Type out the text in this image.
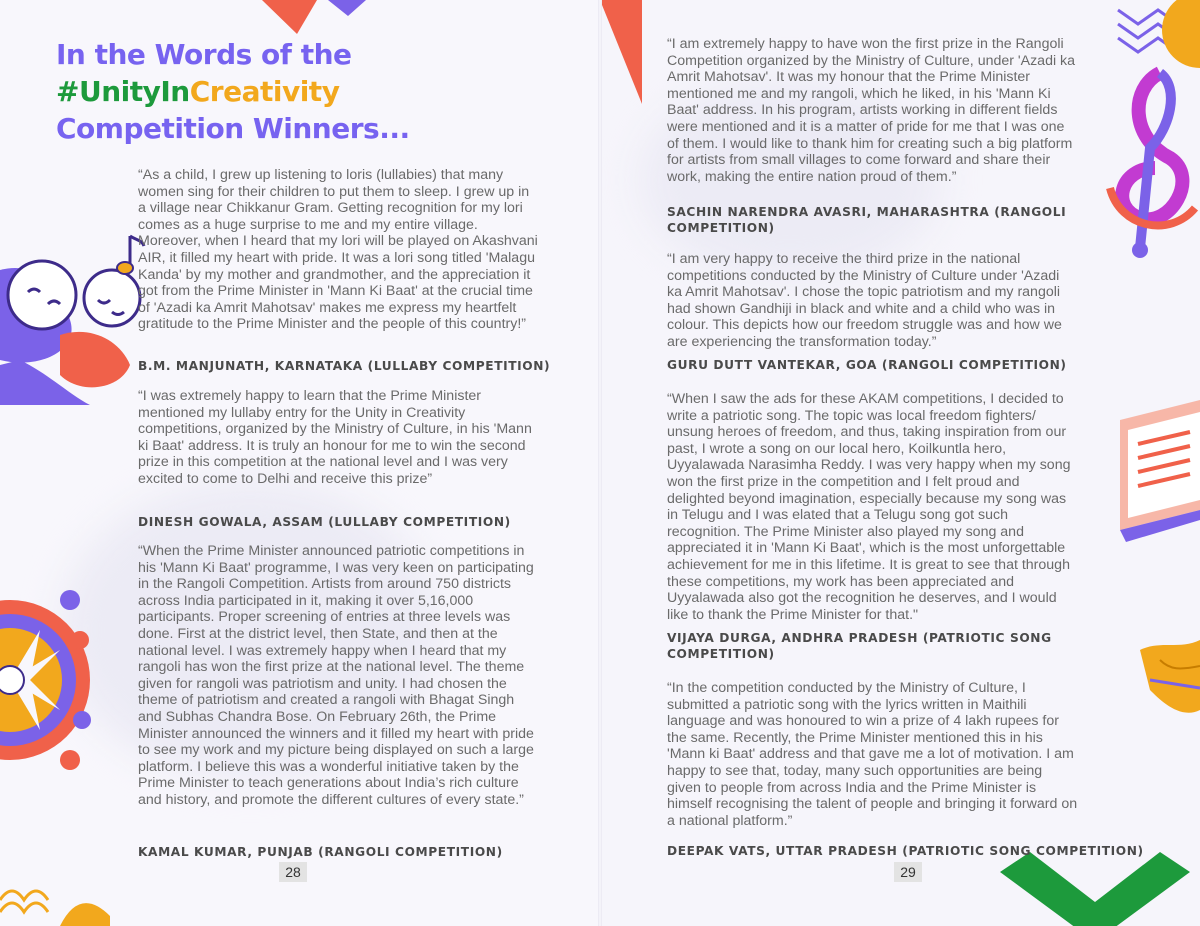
In the Words of the
#UnityInCreativity
Competition Winners...
“As a child, I grew up listening to loris (lullabies) that many women sing for their children to put them to sleep. I grew up in a village near Chikkanur Gram. Getting recognition for my lori comes as a huge surprise to me and my entire village. Moreover, when I heard that my lori will be played on Akashvani AIR, it filled my heart with pride. It was a lori song titled 'Malagu Kanda' by my mother and grandmother, and the appreciation it got from the Prime Minister in 'Mann Ki Baat' at the crucial time of 'Azadi ka Amrit Mahotsav' makes me express my heartfelt gratitude to the Prime Minister and the people of this country!”
B.M. MANJUNATH, KARNATAKA (LULLABY COMPETITION)
“I was extremely happy to learn that the Prime Minister mentioned my lullaby entry for the Unity in Creativity competitions, organized by the Ministry of Culture, in his 'Mann ki Baat' address. It is truly an honour for me to win the second prize in this competition at the national level and I was very excited to come to Delhi and receive this prize”
DINESH GOWALA, ASSAM (LULLABY COMPETITION)
“When the Prime Minister announced patriotic competitions in his 'Mann Ki Baat' programme, I was very keen on participating in the Rangoli Competition. Artists from around 750 districts across India participated in it, making it over 5,16,000 participants. Proper screening of entries at three levels was done. First at the district level, then State, and then at the national level. I was extremely happy when I heard that my rangoli has won the first prize at the national level. The theme given for rangoli was patriotism and unity. I had chosen the theme of patriotism and created a rangoli with Bhagat Singh and Subhas Chandra Bose. On February 26th, the Prime Minister announced the winners and it filled my heart with pride to see my work and my picture being displayed on such a large platform. I believe this was a wonderful initiative taken by the Prime Minister to teach generations about India’s rich culture and history, and promote the different cultures of every state.”
KAMAL KUMAR, PUNJAB (RANGOLI COMPETITION)
28
“I am extremely happy to have won the first prize in the Rangoli Competition organized by the Ministry of Culture, under 'Azadi ka Amrit Mahotsav'. It was my honour that the Prime Minister mentioned me and my rangoli, which he liked, in his 'Mann Ki Baat' address. In his program, artists working in different fields were mentioned and it is a matter of pride for me that I was one of them. I would like to thank him for creating such a big platform for artists from small villages to come forward and share their work, making the entire nation proud of them.”
SACHIN NARENDRA AVASRI, MAHARASHTRA (RANGOLI COMPETITION)
“I am very happy to receive the third prize in the national competitions conducted by the Ministry of Culture under 'Azadi ka Amrit Mahotsav'. I chose the topic patriotism and my rangoli had shown Gandhiji in black and white and a child who was in colour. This depicts how our freedom struggle was and how we are experiencing the transformation today.”
GURU DUTT VANTEKAR, GOA (RANGOLI COMPETITION)
“When I saw the ads for these AKAM competitions, I decided to write a patriotic song. The topic was local freedom fighters/ unsung heroes of freedom, and thus, taking inspiration from our past, I wrote a song on our local hero, Koilkuntla hero, Uyyalawada Narasimha Reddy. I was very happy when my song won the first prize in the competition and I felt proud and delighted beyond imagination, especially because my song was in Telugu and I was elated that a Telugu song got such recognition. The Prime Minister also played my song and appreciated it in 'Mann Ki Baat', which is the most unforgettable achievement for me in this lifetime. It is great to see that through these competitions, my work has been appreciated and Uyyalawada also got the recognition he deserves, and I would like to thank the Prime Minister for that."
VIJAYA DURGA, ANDHRA PRADESH (PATRIOTIC SONG COMPETITION)
“In the competition conducted by the Ministry of Culture, I submitted a patriotic song with the lyrics written in Maithili language and was honoured to win a prize of 4 lakh rupees for the same. Recently, the Prime Minister mentioned this in his 'Mann ki Baat' address and that gave me a lot of motivation. I am happy to see that, today, many such opportunities are being given to people from across India and the Prime Minister is himself recognising the talent of people and bringing it forward on a national platform.”
DEEPAK VATS, UTTAR PRADESH (PATRIOTIC SONG COMPETITION)
29
